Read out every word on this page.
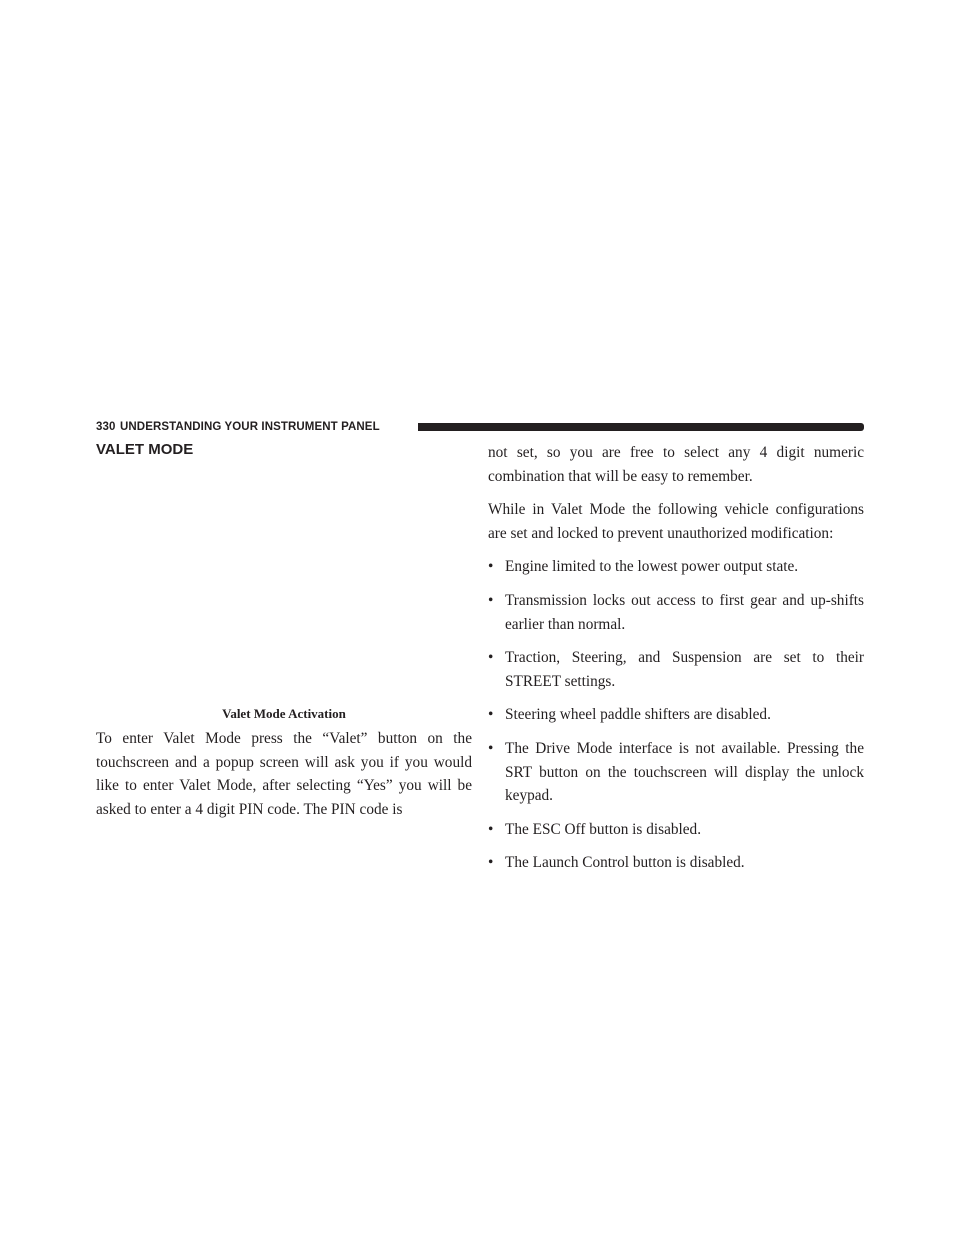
330 UNDERSTANDING YOUR INSTRUMENT PANEL
VALET MODE
Valet Mode Activation

To enter Valet Mode press the “Valet” button on the touchscreen and a popup screen will ask you if you would like to enter Valet Mode, after selecting “Yes” you will be asked to enter a 4 digit PIN code. The PIN code is

not set, so you are free to select any 4 digit numeric combination that will be easy to remember.

While in Valet Mode the following vehicle configurations are set and locked to prevent unauthorized modification:

• Engine limited to the lowest power output state.
• Transmission locks out access to first gear and up-shifts earlier than normal.
• Traction, Steering, and Suspension are set to their STREET settings.
• Steering wheel paddle shifters are disabled.
• The Drive Mode interface is not available. Pressing the SRT button on the touchscreen will display the unlock keypad.
• The ESC Off button is disabled.
• The Launch Control button is disabled.
